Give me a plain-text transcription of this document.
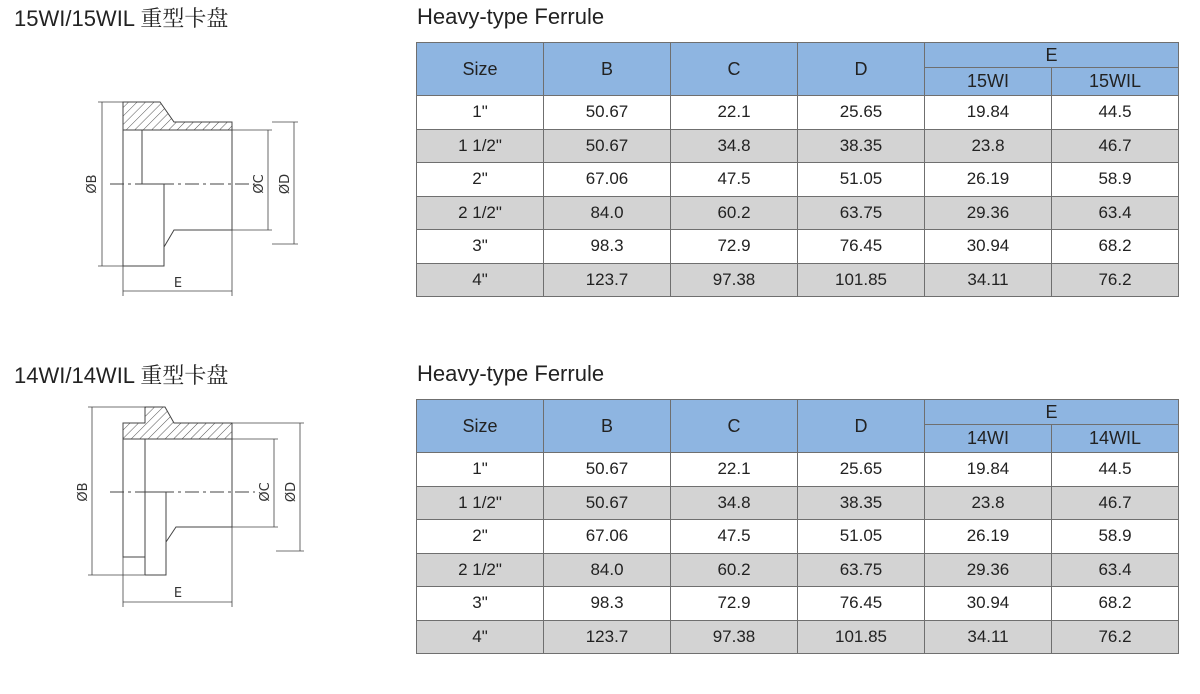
15WI/15WIL 重型卡盘	Heavy-type Ferrule
ØB	ØC ØD
E
Size	B	C	D	E	
				15WI	15WIL
1"	50.67	22.1	25.65	19.84	44.5
1 1/2"	50.67	34.8	38.35	23.8	46.7
2"	67.06	47.5	51.05	26.19	58.9
2 1/2"	84.0	60.2	63.75	29.36	63.4
3"	98.3	72.9	76.45	30.94	68.2
4"	123.7	97.38	101.85	34.11	76.2
14WI/14WIL 重型卡盘	Heavy-type Ferrule
ØB	ØC ØD
E
Size	B	C	D	E	
				14WI	14WIL
1"	50.67	22.1	25.65	19.84	44.5
1 1/2"	50.67	34.8	38.35	23.8	46.7
2"	67.06	47.5	51.05	26.19	58.9
2 1/2"	84.0	60.2	63.75	29.36	63.4
3"	98.3	72.9	76.45	30.94	68.2
4"	123.7	97.38	101.85	34.11	76.2
